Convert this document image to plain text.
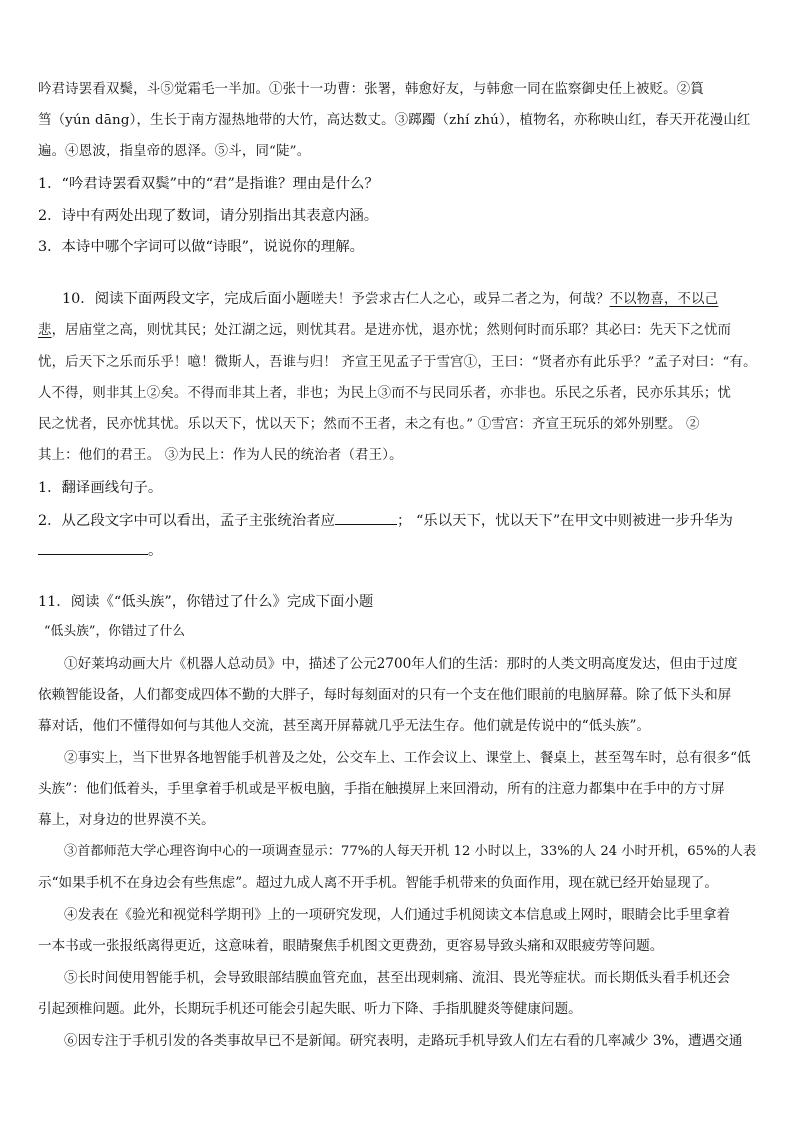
吟君诗罢看双鬓，斗⑤觉霜毛一半加。①张十一功曹：张署，韩愈好友，与韩愈一同在监察御史任上被贬。②篔
筜（yún dāng），生长于南方湿热地带的大竹，高达数丈。③踯躅（zhí zhú），植物名，亦称映山红，春天开花漫山红
遍。④恩波，指皇帝的恩泽。⑤斗，同“陡”。
1．“吟君诗罢看双鬓”中的“君”是指谁？理由是什么？
2．诗中有两处出现了数词，请分别指出其表意内涵。
3．本诗中哪个字词可以做“诗眼”，说说你的理解。
10．阅读下面两段文字，完成后面小题嗟夫！予尝求古仁人之心，或异二者之为，何哉？不以物喜，不以己
悲，居庙堂之高，则忧其民；处江湖之远，则忧其君。是进亦忧，退亦忧；然则何时而乐耶？其必曰：先天下之忧而
忧，后天下之乐而乐乎！噫！微斯人，吾谁与归！ 齐宣王见孟子于雪宫①，王曰：“贤者亦有此乐乎？”孟子对曰：“有。
人不得，则非其上②矣。不得而非其上者，非也；为民上③而不与民同乐者，亦非也。乐民之乐者，民亦乐其乐；忧
民之忧者，民亦忧其忧。乐以天下，忧以天下；然而不王者，未之有也。” ①雪宫：齐宣王玩乐的郊外别墅。 ②
其上：他们的君王。 ③为民上：作为人民的统治者（君王）。
1．翻译画线句子。
2．从乙段文字中可以看出，孟子主张统治者应	； “乐以天下，忧以天下”在甲文中则被进一步升华为
。
11．阅读《“低头族”，你错过了什么》完成下面小题
“低头族”，你错过了什么
①好莱坞动画大片《机器人总动员》中，描述了公元2700年人们的生活：那时的人类文明高度发达，但由于过度
依赖智能设备，人们都变成四体不勤的大胖子，每时每刻面对的只有一个支在他们眼前的电脑屏幕。除了低下头和屏
幕对话，他们不懂得如何与其他人交流，甚至离开屏幕就几乎无法生存。他们就是传说中的“低头族”。
②事实上，当下世界各地智能手机普及之处，公交车上、工作会议上、课堂上、餐桌上，甚至驾车时，总有很多“低
头族”：他们低着头，手里拿着手机或是平板电脑，手指在触摸屏上来回滑动，所有的注意力都集中在手中的方寸屏
幕上，对身边的世界漠不关。
③首都师范大学心理咨询中心的一项调查显示：77%的人每天开机 12 小时以上，33%的人 24 小时开机，65%的人表
示“如果手机不在身边会有些焦虑”。超过九成人离不开手机。智能手机带来的负面作用，现在就已经开始显现了。
④发表在《验光和视觉科学期刊》上的一项研究发现，人们通过手机阅读文本信息或上网时，眼睛会比手里拿着
一本书或一张报纸离得更近，这意味着，眼睛聚焦手机图文更费劲，更容易导致头痛和双眼疲劳等问题。
⑤长时间使用智能手机，会导致眼部结膜血管充血，甚至出现刺痛、流泪、畏光等症状。而长期低头看手机还会
引起颈椎问题。此外，长期玩手机还可能会引起失眠、听力下降、手指肌腱炎等健康问题。
⑥因专注于手机引发的各类事故早已不是新闻。研究表明，走路玩手机导致人们左右看的几率减少 3%，遭遇交通
